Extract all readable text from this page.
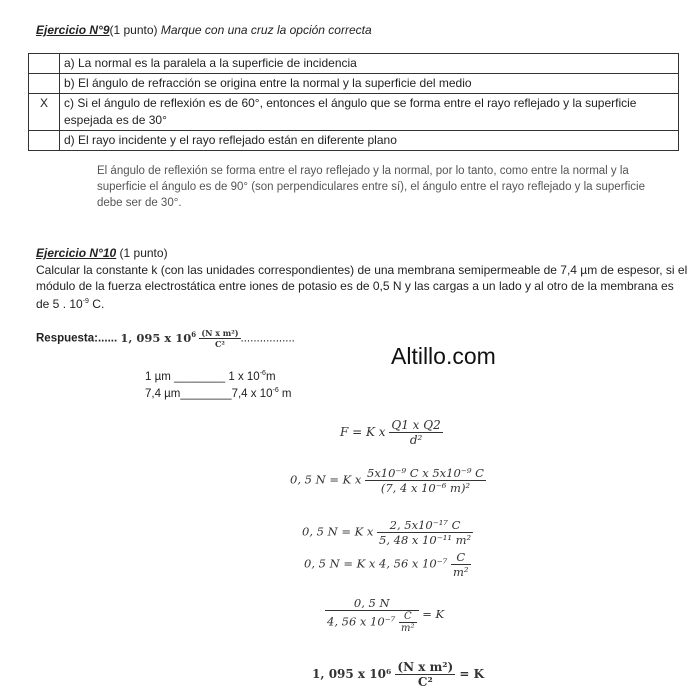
Ejercicio N°9(1 punto) Marque con una cruz la opción correcta
	a) La normal es la paralela a la superficie de incidencia
	b) El ángulo de refracción se origina entre la normal y la superficie del medio
X	c) Si el ángulo de reflexión es de 60°, entonces el ángulo que se forma entre el rayo reflejado y la superficie espejada es de 30°
	d) El rayo incidente y el rayo reflejado están en diferente plano
El ángulo de reflexión se forma entre el rayo reflejado y la normal, por lo tanto, como entre la normal y la superficie el ángulo es de 90° (son perpendiculares entre sí), el ángulo entre el rayo reflejado y la superficie debe ser de 30°.
Ejercicio N°10 (1 punto)
Calcular la constante k (con las unidades correspondientes) de una membrana semipermeable de 7,4 µm de espesor, si el módulo de la fuerza electrostática entre iones de potasio es de 0,5 N y las cargas a un lado y al otro de la membrana es de 5 . $10^{-9}$ C.
Respuesta:...... 1, 095 x $10^6 \frac{\text{(N x m²)}}{\text{C²}}$ .................
Altillo.com
1 µm ________ 1 x $10^{-6}m$
7,4 µm________7,4 x $10^{-6}$ m
F = K x $\frac{\text{Q1 x Q2}}{\text{d²}}$
0, 5 N = K x $\frac{\text{5x10⁻⁹ C x 5x10⁻⁹ C}}{\text{(7, 4 x 10⁻⁶ m)²}}$
0, 5 N = K x $\frac{\text{2, 5x10⁻¹⁷ C}}{\text{5, 48 x 10⁻¹¹ m²}}$
0, 5 N = K x 4, 56 x $10^{-7} \frac{C}{\text{m²}}$
$\frac{0, 5 N}{4, 56 x 10^{-7} \frac{C}{\text{m²}}} = K$
1, 095 x $10^6 \frac{\text{(N x m²)}}{\text{C²}} = K$
